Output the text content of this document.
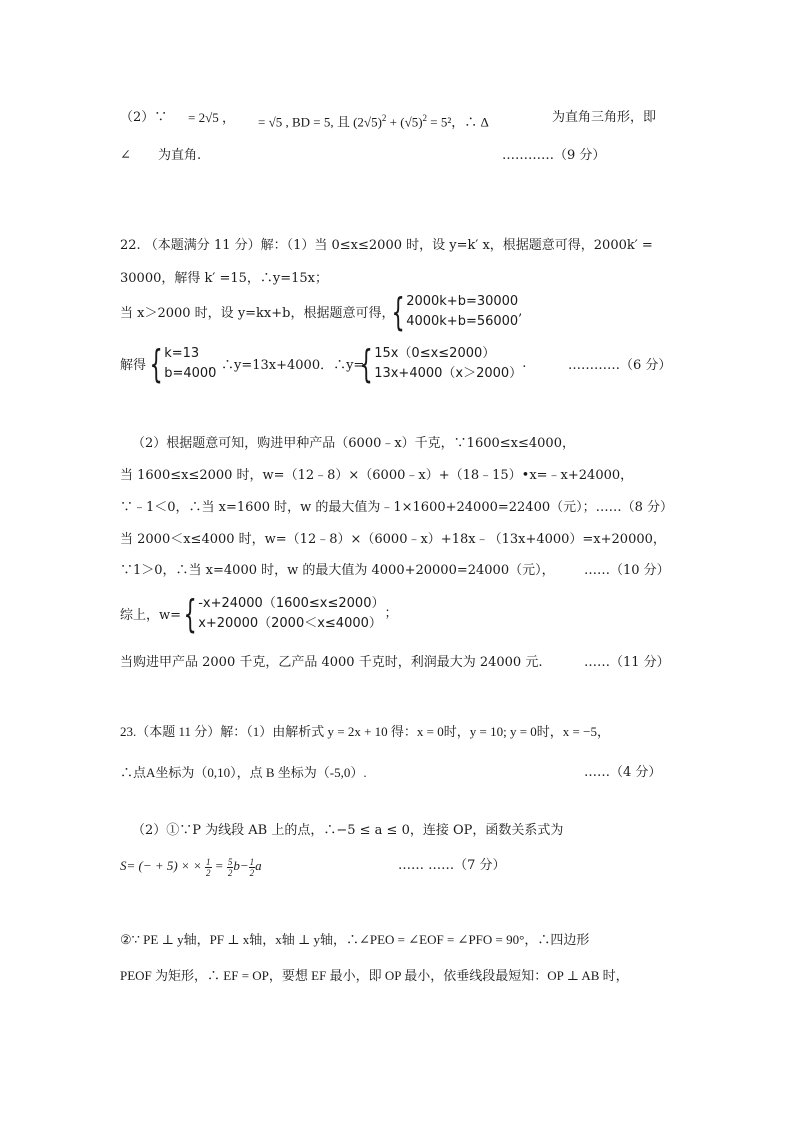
（2）∵ = 2√5 ， = √5 , BD = 5, 且 $(2√5)^2 + (√5)^2 = 5^2$，∴ Δ	为直角三角形，即
∠ 为直角.	…………（9 分）
22. （本题满分 11 分）解：（1）当 0≤x≤2000 时，设 y=k′ x，根据题意可得，2000k′ =
30000，解得 k′ =15，∴y=15x；
当 x＞2000 时，设 y=kx+b，根据题意可得，
{ 2000k+b=30000
4000k+b=56000
,
解得 { k=13
b=4000
，∴y=13x+4000．∴y=
{ 15x（0≤x≤2000）
13x+4000（x＞2000）
.	…………（6 分）
（2）根据题意可知，购进甲种产品（6000﹣x）千克，∵1600≤x≤4000，
当 1600≤x≤2000 时，w=（12﹣8）×（6000﹣x）+（18﹣15）•x=﹣x+24000，
∵﹣1＜0，∴当 x=1600 时，w 的最大值为﹣1×1600+24000=22400（元）；……（8 分）
当 2000＜x≤4000 时，w=（12﹣8）×（6000﹣x）+18x﹣（13x+4000）=x+20000，
∵1＞0，∴当 x=4000 时，w 的最大值为 4000+20000=24000（元）， ……（10 分）
综上，w= { -x+24000（1600≤x≤2000）
x+20000（2000＜x≤4000）
；
当购进甲产品 2000 千克，乙产品 4000 千克时，利润最大为 24000 元.	……（11 分）
23.（本题 11 分）解：（1）由解析式 y = 2x + 10 得：x = 0时，y = 10; y = 0时，x = −5，
∴点A坐标为（0,10），点 B 坐标为（-5,0）.	……（4 分）
（2）①∵P 为线段 AB 上的点，∴−5 ≤ a ≤ 0，连接 OP，函数关系式为
S= (− + 5) × × $\frac{1}{2} = \frac{5}{2} b- \frac{1}{2}$ a	…… ……（7 分）
②∵ PE ⊥ y轴，PF ⊥ x轴，x轴 ⊥ y轴，∴∠PEO = ∠EOF = ∠PFO = 90°，∴四边形
PEOF 为矩形，∴ EF = OP，要想 EF 最小，即 OP 最小，依垂线段最短知：OP ⊥ AB 时，
